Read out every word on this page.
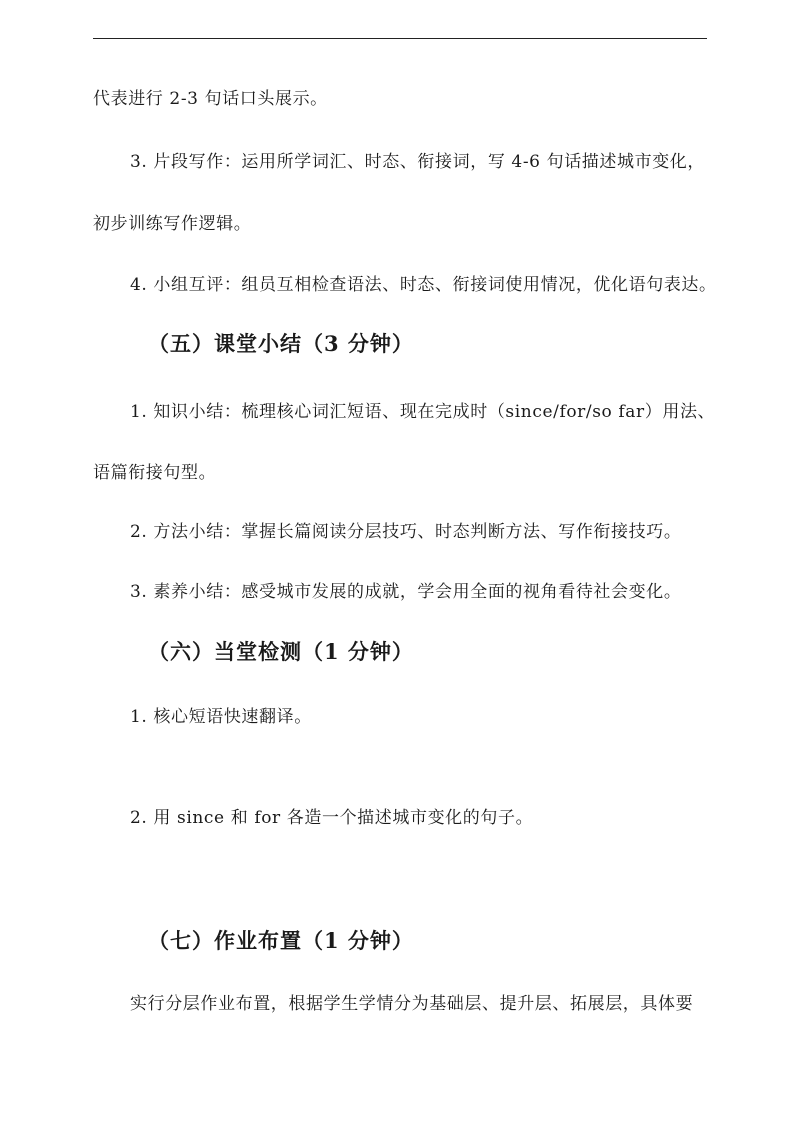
代表进行 2-3 句话口头展示。
3. 片段写作：运用所学词汇、时态、衔接词，写 4-6 句话描述城市变化，
初步训练写作逻辑。
4. 小组互评：组员互相检查语法、时态、衔接词使用情况，优化语句表达。
（五）课堂小结（3 分钟）
1. 知识小结：梳理核心词汇短语、现在完成时（since/for/so far）用法、
语篇衔接句型。
2. 方法小结：掌握长篇阅读分层技巧、时态判断方法、写作衔接技巧。
3. 素养小结：感受城市发展的成就，学会用全面的视角看待社会变化。
（六）当堂检测（1 分钟）
1. 核心短语快速翻译。
2. 用 since 和 for 各造一个描述城市变化的句子。
（七）作业布置（1 分钟）
实行分层作业布置，根据学生学情分为基础层、提升层、拓展层，具体要
